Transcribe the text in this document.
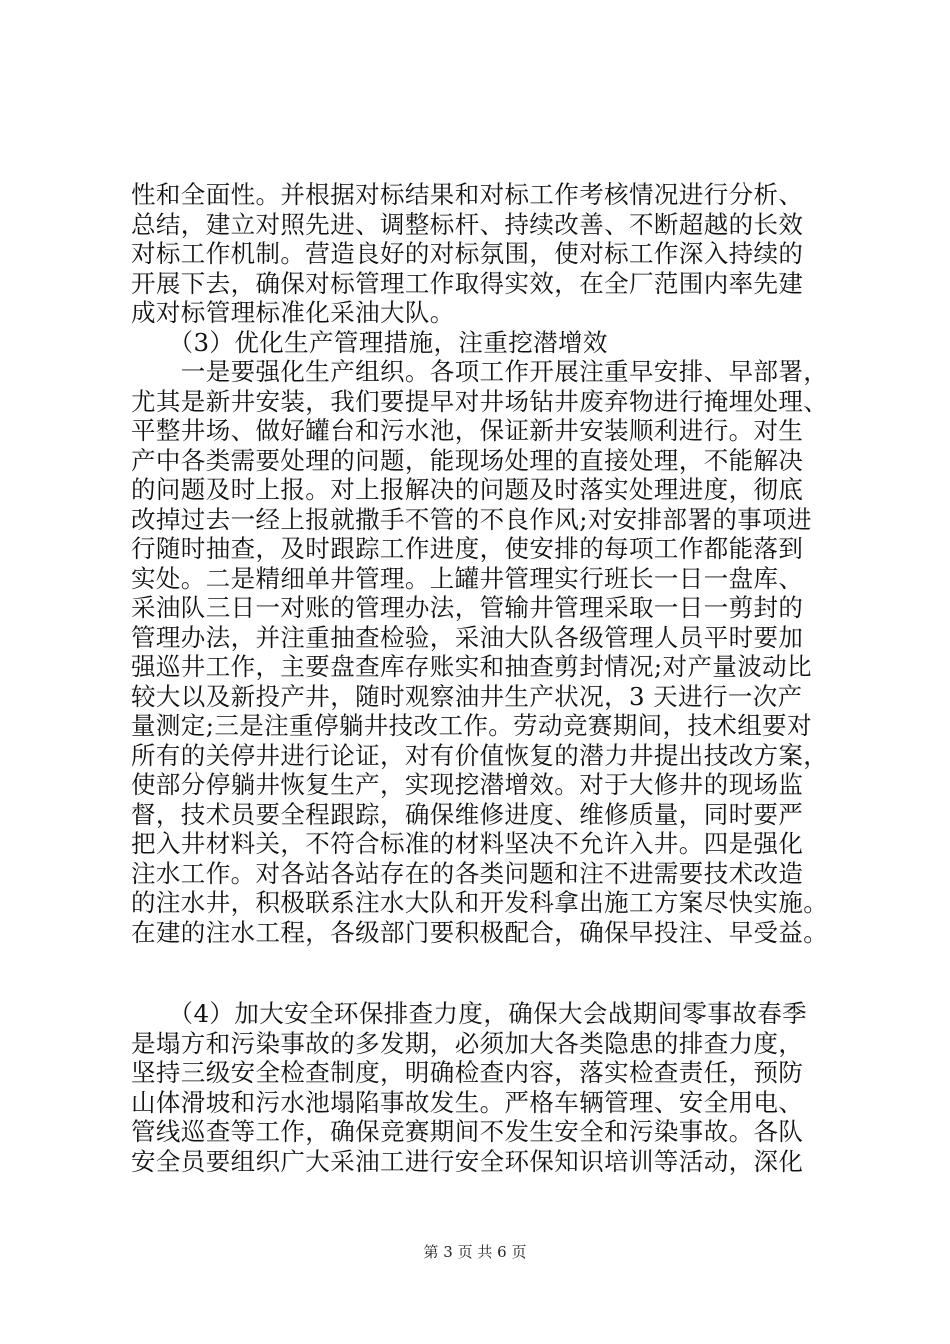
性和全面性。并根据对标结果和对标工作考核情况进行分析、
总结，建立对照先进、调整标杆、持续改善、不断超越的长效
对标工作机制。营造良好的对标氛围，使对标工作深入持续的
开展下去，确保对标管理工作取得实效，在全厂范围内率先建
成对标管理标准化采油大队。
　　（3）优化生产管理措施，注重挖潜增效
　　一是要强化生产组织。各项工作开展注重早安排、早部署，
尤其是新井安装，我们要提早对井场钻井废弃物进行掩埋处理、
平整井场、做好罐台和污水池，保证新井安装顺利进行。对生
产中各类需要处理的问题，能现场处理的直接处理，不能解决
的问题及时上报。对上报解决的问题及时落实处理进度，彻底
改掉过去一经上报就撒手不管的不良作风;对安排部署的事项进
行随时抽查，及时跟踪工作进度，使安排的每项工作都能落到
实处。二是精细单井管理。上罐井管理实行班长一日一盘库、
采油队三日一对账的管理办法，管输井管理采取一日一剪封的
管理办法，并注重抽查检验，采油大队各级管理人员平时要加
强巡井工作，主要盘查库存账实和抽查剪封情况;对产量波动比
较大以及新投产井，随时观察油井生产状况，3 天进行一次产
量测定;三是注重停躺井技改工作。劳动竞赛期间，技术组要对
所有的关停井进行论证，对有价值恢复的潜力井提出技改方案，
使部分停躺井恢复生产，实现挖潜增效。对于大修井的现场监
督，技术员要全程跟踪，确保维修进度、维修质量，同时要严
把入井材料关，不符合标准的材料坚决不允许入井。四是强化
注水工作。对各站各站存在的各类问题和注不进需要技术改造
的注水井，积极联系注水大队和开发科拿出施工方案尽快实施。
在建的注水工程，各级部门要积极配合，确保早投注、早受益。
　　（4）加大安全环保排查力度，确保大会战期间零事故春季
是塌方和污染事故的多发期，必须加大各类隐患的排查力度，
坚持三级安全检查制度，明确检查内容，落实检查责任，预防
山体滑坡和污水池塌陷事故发生。严格车辆管理、安全用电、
管线巡查等工作，确保竞赛期间不发生安全和污染事故。各队
安全员要组织广大采油工进行安全环保知识培训等活动，深化
第 3 页 共 6 页
